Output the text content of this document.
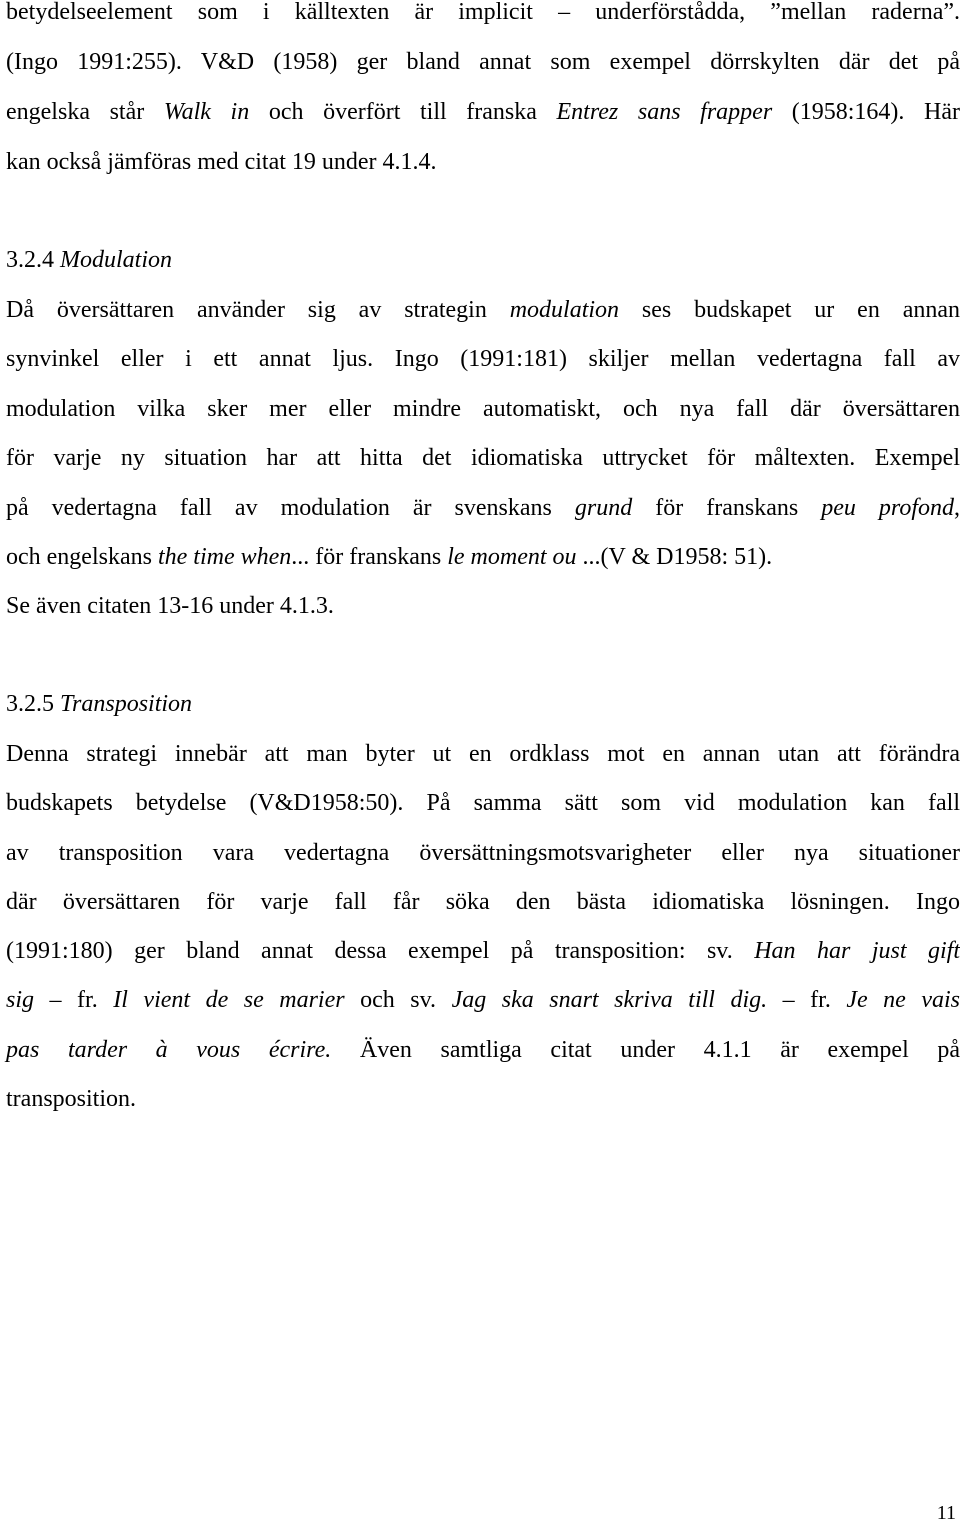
betydelseelement som i källtexten är implicit – underförstådda, ”mellan raderna”.
(Ingo 1991:255). V&D (1958) ger bland annat som exempel dörrskylten där det på
engelska står Walk in och överfört till franska Entrez sans frapper (1958:164). Här
kan också jämföras med citat 19 under 4.1.4.
3.2.4 Modulation
Då översättaren använder sig av strategin modulation ses budskapet ur en annan
synvinkel eller i ett annat ljus. Ingo (1991:181) skiljer mellan vedertagna fall av
modulation vilka sker mer eller mindre automatiskt, och nya fall där översättaren
för varje ny situation har att hitta det idiomatiska uttrycket för måltexten. Exempel
på vedertagna fall av modulation är svenskans grund för franskans peu profond,
och engelskans the time when... för franskans le moment ou ...(V & D1958: 51).
Se även citaten 13-16 under 4.1.3.
3.2.5 Transposition
Denna strategi innebär att man byter ut en ordklass mot en annan utan att förändra
budskapets betydelse (V&D1958:50). På samma sätt som vid modulation kan fall
av transposition vara vedertagna översättningsmotsvarigheter eller nya situationer
där översättaren för varje fall får söka den bästa idiomatiska lösningen. Ingo
(1991:180) ger bland annat dessa exempel på transposition: sv. Han har just gift
sig – fr. Il vient de se marier och sv. Jag ska snart skriva till dig. – fr. Je ne vais
pas tarder à vous écrire. Även samtliga citat under 4.1.1 är exempel på
transposition.
11
